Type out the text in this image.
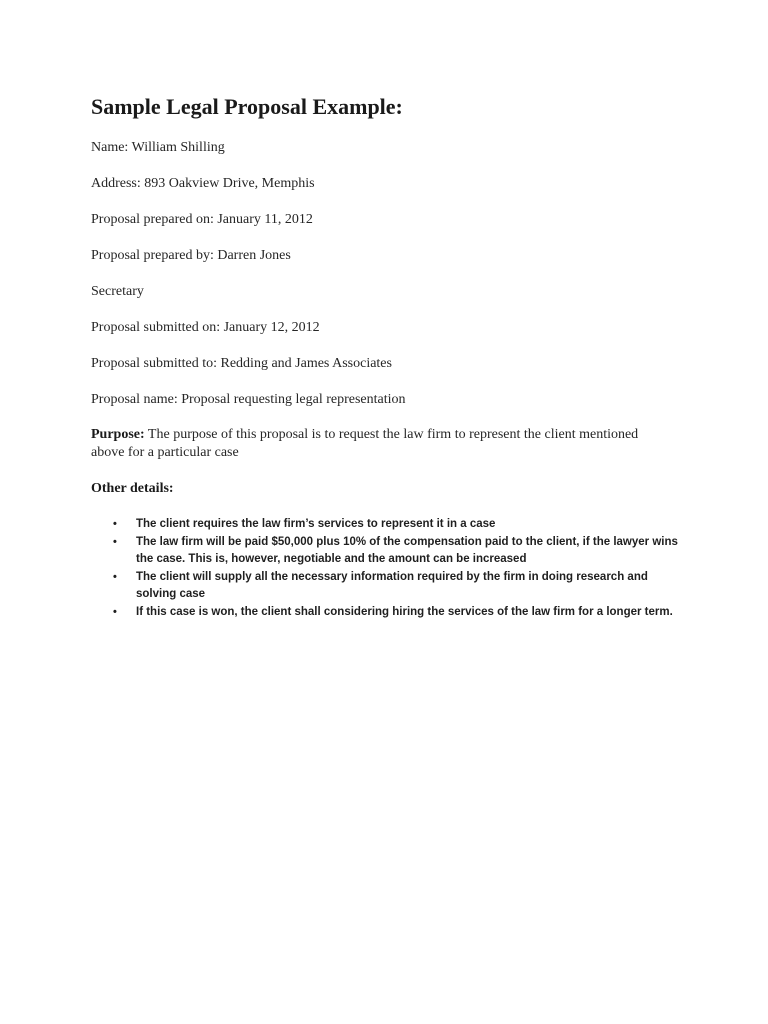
Sample Legal Proposal Example:

Name: William Shilling

Address: 893 Oakview Drive, Memphis

Proposal prepared on: January 11, 2012

Proposal prepared by: Darren Jones

Secretary

Proposal submitted on: January 12, 2012

Proposal submitted to: Redding and James Associates

Proposal name: Proposal requesting legal representation

Purpose: The purpose of this proposal is to request the law firm to represent the client mentioned above for a particular case

Other details:

• The client requires the law firm’s services to represent it in a case
• The law firm will be paid $50,000 plus 10% of the compensation paid to the client, if the lawyer wins the case. This is, however, negotiable and the amount can be increased
• The client will supply all the necessary information required by the firm in doing research and solving case
• If this case is won, the client shall considering hiring the services of the law firm for a longer term.
